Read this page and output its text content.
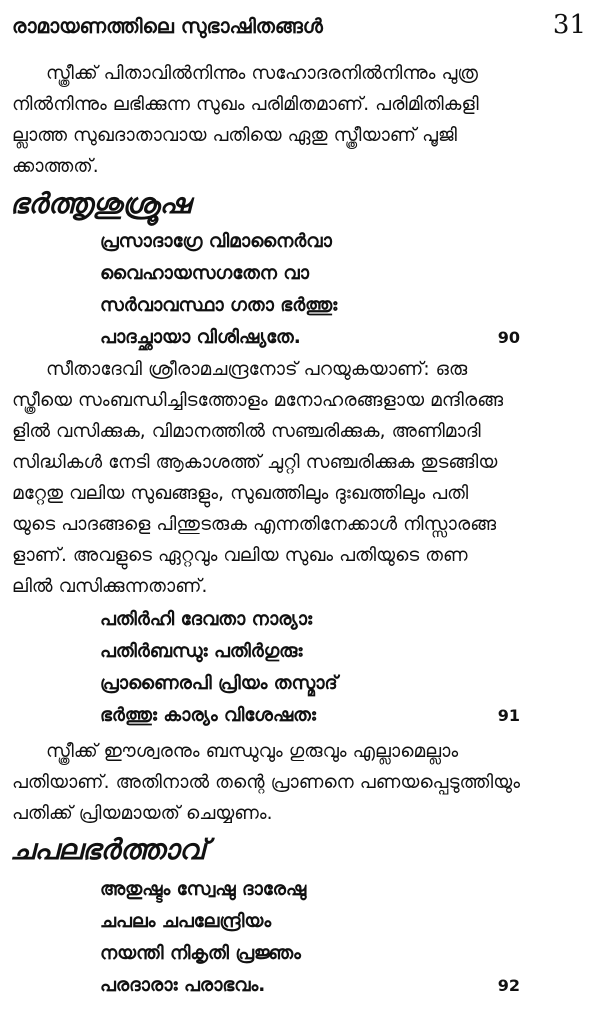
രാമായണത്തിലെ സുഭാഷിതങ്ങൾ	31

സ്ത്രീക്ക് പിതാവിൽനിന്നും സഹോദരനിൽനിന്നും പുത്ര

നിൽനിന്നും ലഭിക്കുന്ന സുഖം പരിമിതമാണ്. പരിമിതികളി

ല്ലാത്ത സുഖദാതാവായ പതിയെ ഏതു സ്ത്രീയാണ് പൂജി

ക്കാത്തത്.

ഭർത്തൃശുശ്രൂഷ
പ്രസാദാഗ്രേ വിമാനൈർവാ
വൈഹായസഗതേന വാ
സർവാവസ്ഥാ ഗതാ ഭർത്തുഃ
പാദച്ഛായാ വിശിഷ്യതേ.	90

സീതാദേവി ശ്രീരാമചന്ദ്രനോട് പറയുകയാണ്: ഒരു

സ്ത്രീയെ സംബന്ധിച്ചിടത്തോളം മനോഹരങ്ങളായ മന്ദിരങ്ങ

ളിൽ വസിക്കുക, വിമാനത്തിൽ സഞ്ചരിക്കുക, അണിമാദി

സിദ്ധികൾ നേടി ആകാശത്ത് ചുറ്റി സഞ്ചരിക്കുക തുടങ്ങിയ

മറ്റേതു വലിയ സുഖങ്ങളും, സുഖത്തിലും ദുഃഖത്തിലും പതി

യുടെ പാദങ്ങളെ പിന്തുടരുക എന്നതിനേക്കാൾ നിസ്സാരങ്ങ

ളാണ്. അവളുടെ ഏറ്റവും വലിയ സുഖം പതിയുടെ തണ

ലിൽ വസിക്കുന്നതാണ്.

പതിർഹി ദേവതാ നാര്യാഃ
പതിർബന്ധുഃ പതിർഗുരുഃ
പ്രാണൈരപി പ്രിയം തസ്മാദ്
ഭർത്തുഃ കാര്യം വിശേഷതഃ	91

സ്ത്രീക്ക് ഈശ്വരനും ബന്ധുവും ഗുരുവും എല്ലാമെല്ലാം

പതിയാണ്. അതിനാൽ തന്റെ പ്രാണനെ പണയപ്പെടുത്തിയും

പതിക്ക് പ്രിയമായത് ചെയ്യണം.

ചപലഭർത്താവ്
അതുഷ്ടം സ്വേഷു ദാരേഷു
ചപലം ചപലേന്ദ്രിയം
നയന്തി നികൃതി പ്രജ്ഞം
പരദാരാഃ പരാഭവം.	92
